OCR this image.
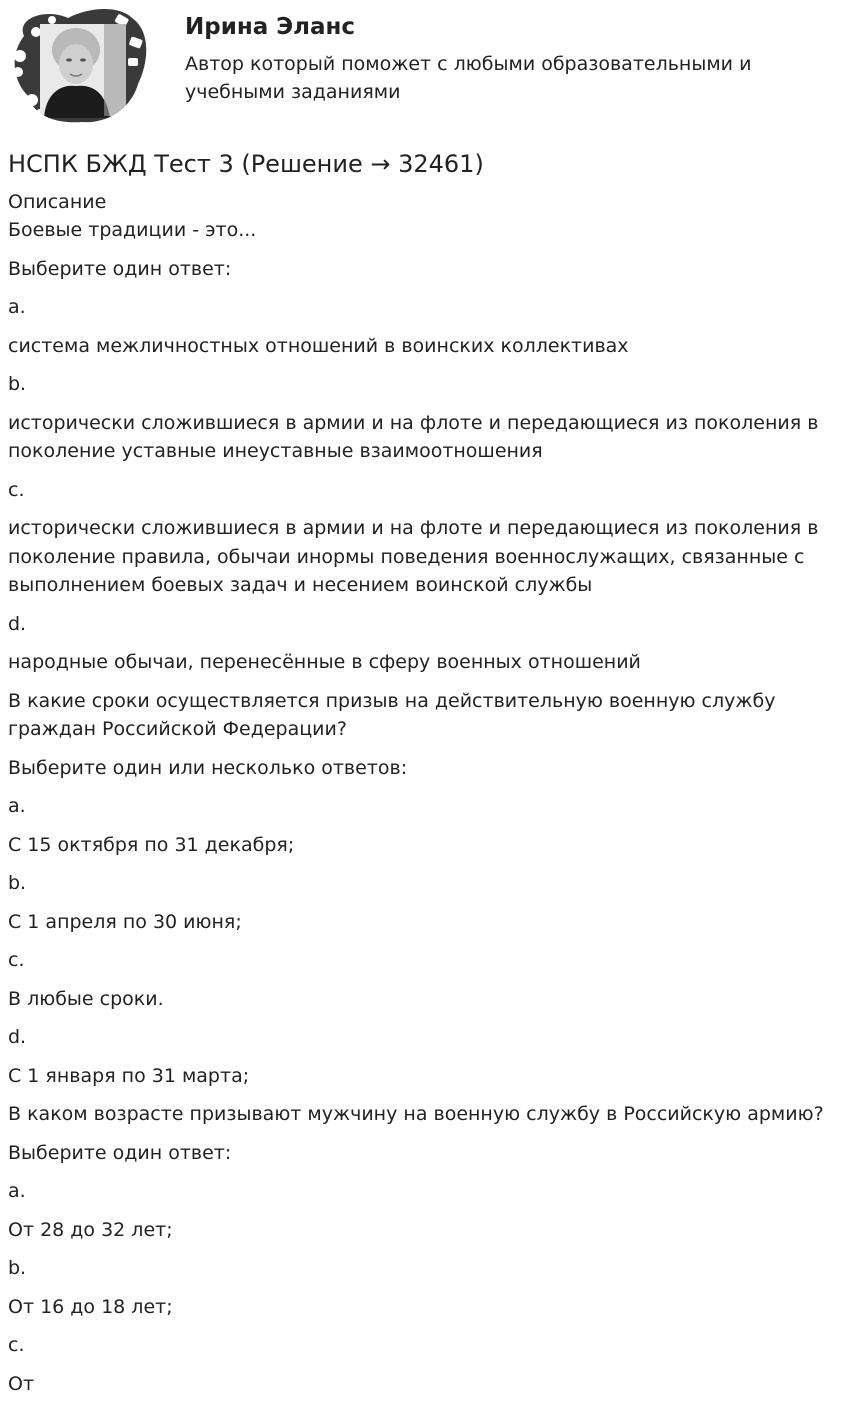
Ирина Эланс

Автор который поможет с любыми образовательными и учебными заданиями

НСПК БЖД Тест 3 (Решение → 32461)

Описание

Боевые традиции - это...

Выберите один ответ:

a.

система межличностных отношений в воинских коллективах

b.

исторически сложившиеся в армии и на флоте и передающиеся из поколения в поколение уставные инеуставные взаимоотношения

c.

исторически сложившиеся в армии и на флоте и передающиеся из поколения в поколение правила, обычаи инормы поведения военнослужащих, связанные с выполнением боевых задач и несением воинской службы

d.

народные обычаи, перенесённые в сферу военных отношений

В какие сроки осуществляется призыв на действительную военную службу граждан Российской Федерации?

Выберите один или несколько ответов:

a.

С 15 октября по 31 декабря;

b.

С 1 апреля по 30 июня;

c.

В любые сроки.

d.

С 1 января по 31 марта;

В каком возрасте призывают мужчину на военную службу в Российскую армию?

Выберите один ответ:

a.

От 28 до 32 лет;

b.

От 16 до 18 лет;

c.

От
